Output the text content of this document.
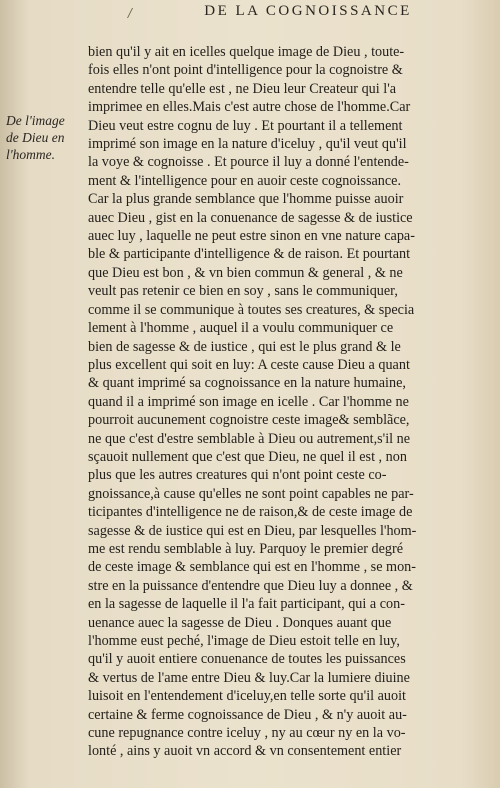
/	DE LA COGNOISSANCE
De l'image
de Dieu en
l'homme.
bien qu'il y ait en icelles quelque image de Dieu , toute-
fois elles n'ont point d'intelligence pour la cognoistre &
entendre telle qu'elle est , ne Dieu leur Createur qui l'a
imprimee en elles.Mais c'est autre chose de l'homme.Car
Dieu veut estre cognu de luy . Et pourtant il a tellement
imprimé son image en la nature d'iceluy , qu'il veut qu'il
la voye & cognoisse . Et pource il luy a donné l'entende-
ment & l'intelligence pour en auoir ceste cognoissance.
Car la plus grande semblance que l'homme puisse auoir
auec Dieu , gist en la conuenance de sagesse & de iustice
auec luy , laquelle ne peut estre sinon en vne nature capa-
ble & participante d'intelligence & de raison. Et pourtant
que Dieu est bon , & vn bien commun & general , & ne
veult pas retenir ce bien en soy , sans le communiquer,
comme il se communique à toutes ses creatures, & specia
lement à l'homme , auquel il a voulu communiquer ce
bien de sagesse & de iustice , qui est le plus grand & le
plus excellent qui soit en luy: A ceste cause Dieu a quant
& quant imprimé sa cognoissance en la nature humaine,
quand il a imprimé son image en icelle . Car l'homme ne
pourroit aucunement cognoistre ceste image& semblãce,
ne que c'est d'estre semblable à Dieu ou autrement,s'il ne
sçauoit nullement que c'est que Dieu, ne quel il est , non
plus que les autres creatures qui n'ont point ceste co-
gnoissance,à cause qu'elles ne sont point capables ne par-
ticipantes d'intelligence ne de raison,& de ceste image de
sagesse & de iustice qui est en Dieu, par lesquelles l'hom-
me est rendu semblable à luy. Parquoy le premier degré
de ceste image & semblance qui est en l'homme , se mon-
stre en la puissance d'entendre que Dieu luy a donnee , &
en la sagesse de laquelle il l'a fait participant, qui a con-
uenance auec la sagesse de Dieu . Donques auant que
l'homme eust peché, l'image de Dieu estoit telle en luy,
qu'il y auoit entiere conuenance de toutes les puissances
& vertus de l'ame entre Dieu & luy.Car la lumiere diuine
luisoit en l'entendement d'iceluy,en telle sorte qu'il auoit
certaine & ferme cognoissance de Dieu , & n'y auoit au-
cune repugnance contre iceluy , ny au cœur ny en la vo-
lonté , ains y auoit vn accord & vn consentement entier
